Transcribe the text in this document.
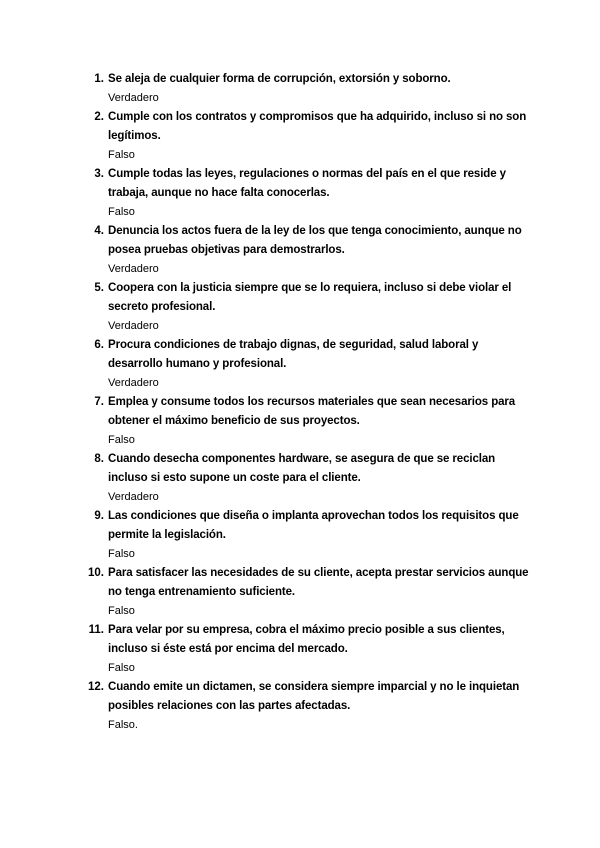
1. Se aleja de cualquier forma de corrupción, extorsión y soborno.
Verdadero
2. Cumple con los contratos y compromisos que ha adquirido, incluso si no son legítimos.
Falso
3. Cumple todas las leyes, regulaciones o normas del país en el que reside y trabaja, aunque no hace falta conocerlas.
Falso
4. Denuncia los actos fuera de la ley de los que tenga conocimiento, aunque no posea pruebas objetivas para demostrarlos.
Verdadero
5. Coopera con la justicia siempre que se lo requiera, incluso si debe violar el secreto profesional.
Verdadero
6. Procura condiciones de trabajo dignas, de seguridad, salud laboral y desarrollo humano y profesional.
Verdadero
7. Emplea y consume todos los recursos materiales que sean necesarios para obtener el máximo beneficio de sus proyectos.
Falso
8. Cuando desecha componentes hardware, se asegura de que se reciclan incluso si esto supone un coste para el cliente.
Verdadero
9. Las condiciones que diseña o implanta aprovechan todos los requisitos que permite la legislación.
Falso
10. Para satisfacer las necesidades de su cliente, acepta prestar servicios aunque no tenga entrenamiento suficiente.
Falso
11. Para velar por su empresa, cobra el máximo precio posible a sus clientes, incluso si éste está por encima del mercado.
Falso
12. Cuando emite un dictamen, se considera siempre imparcial y no le inquietan posibles relaciones con las partes afectadas.
Falso.
